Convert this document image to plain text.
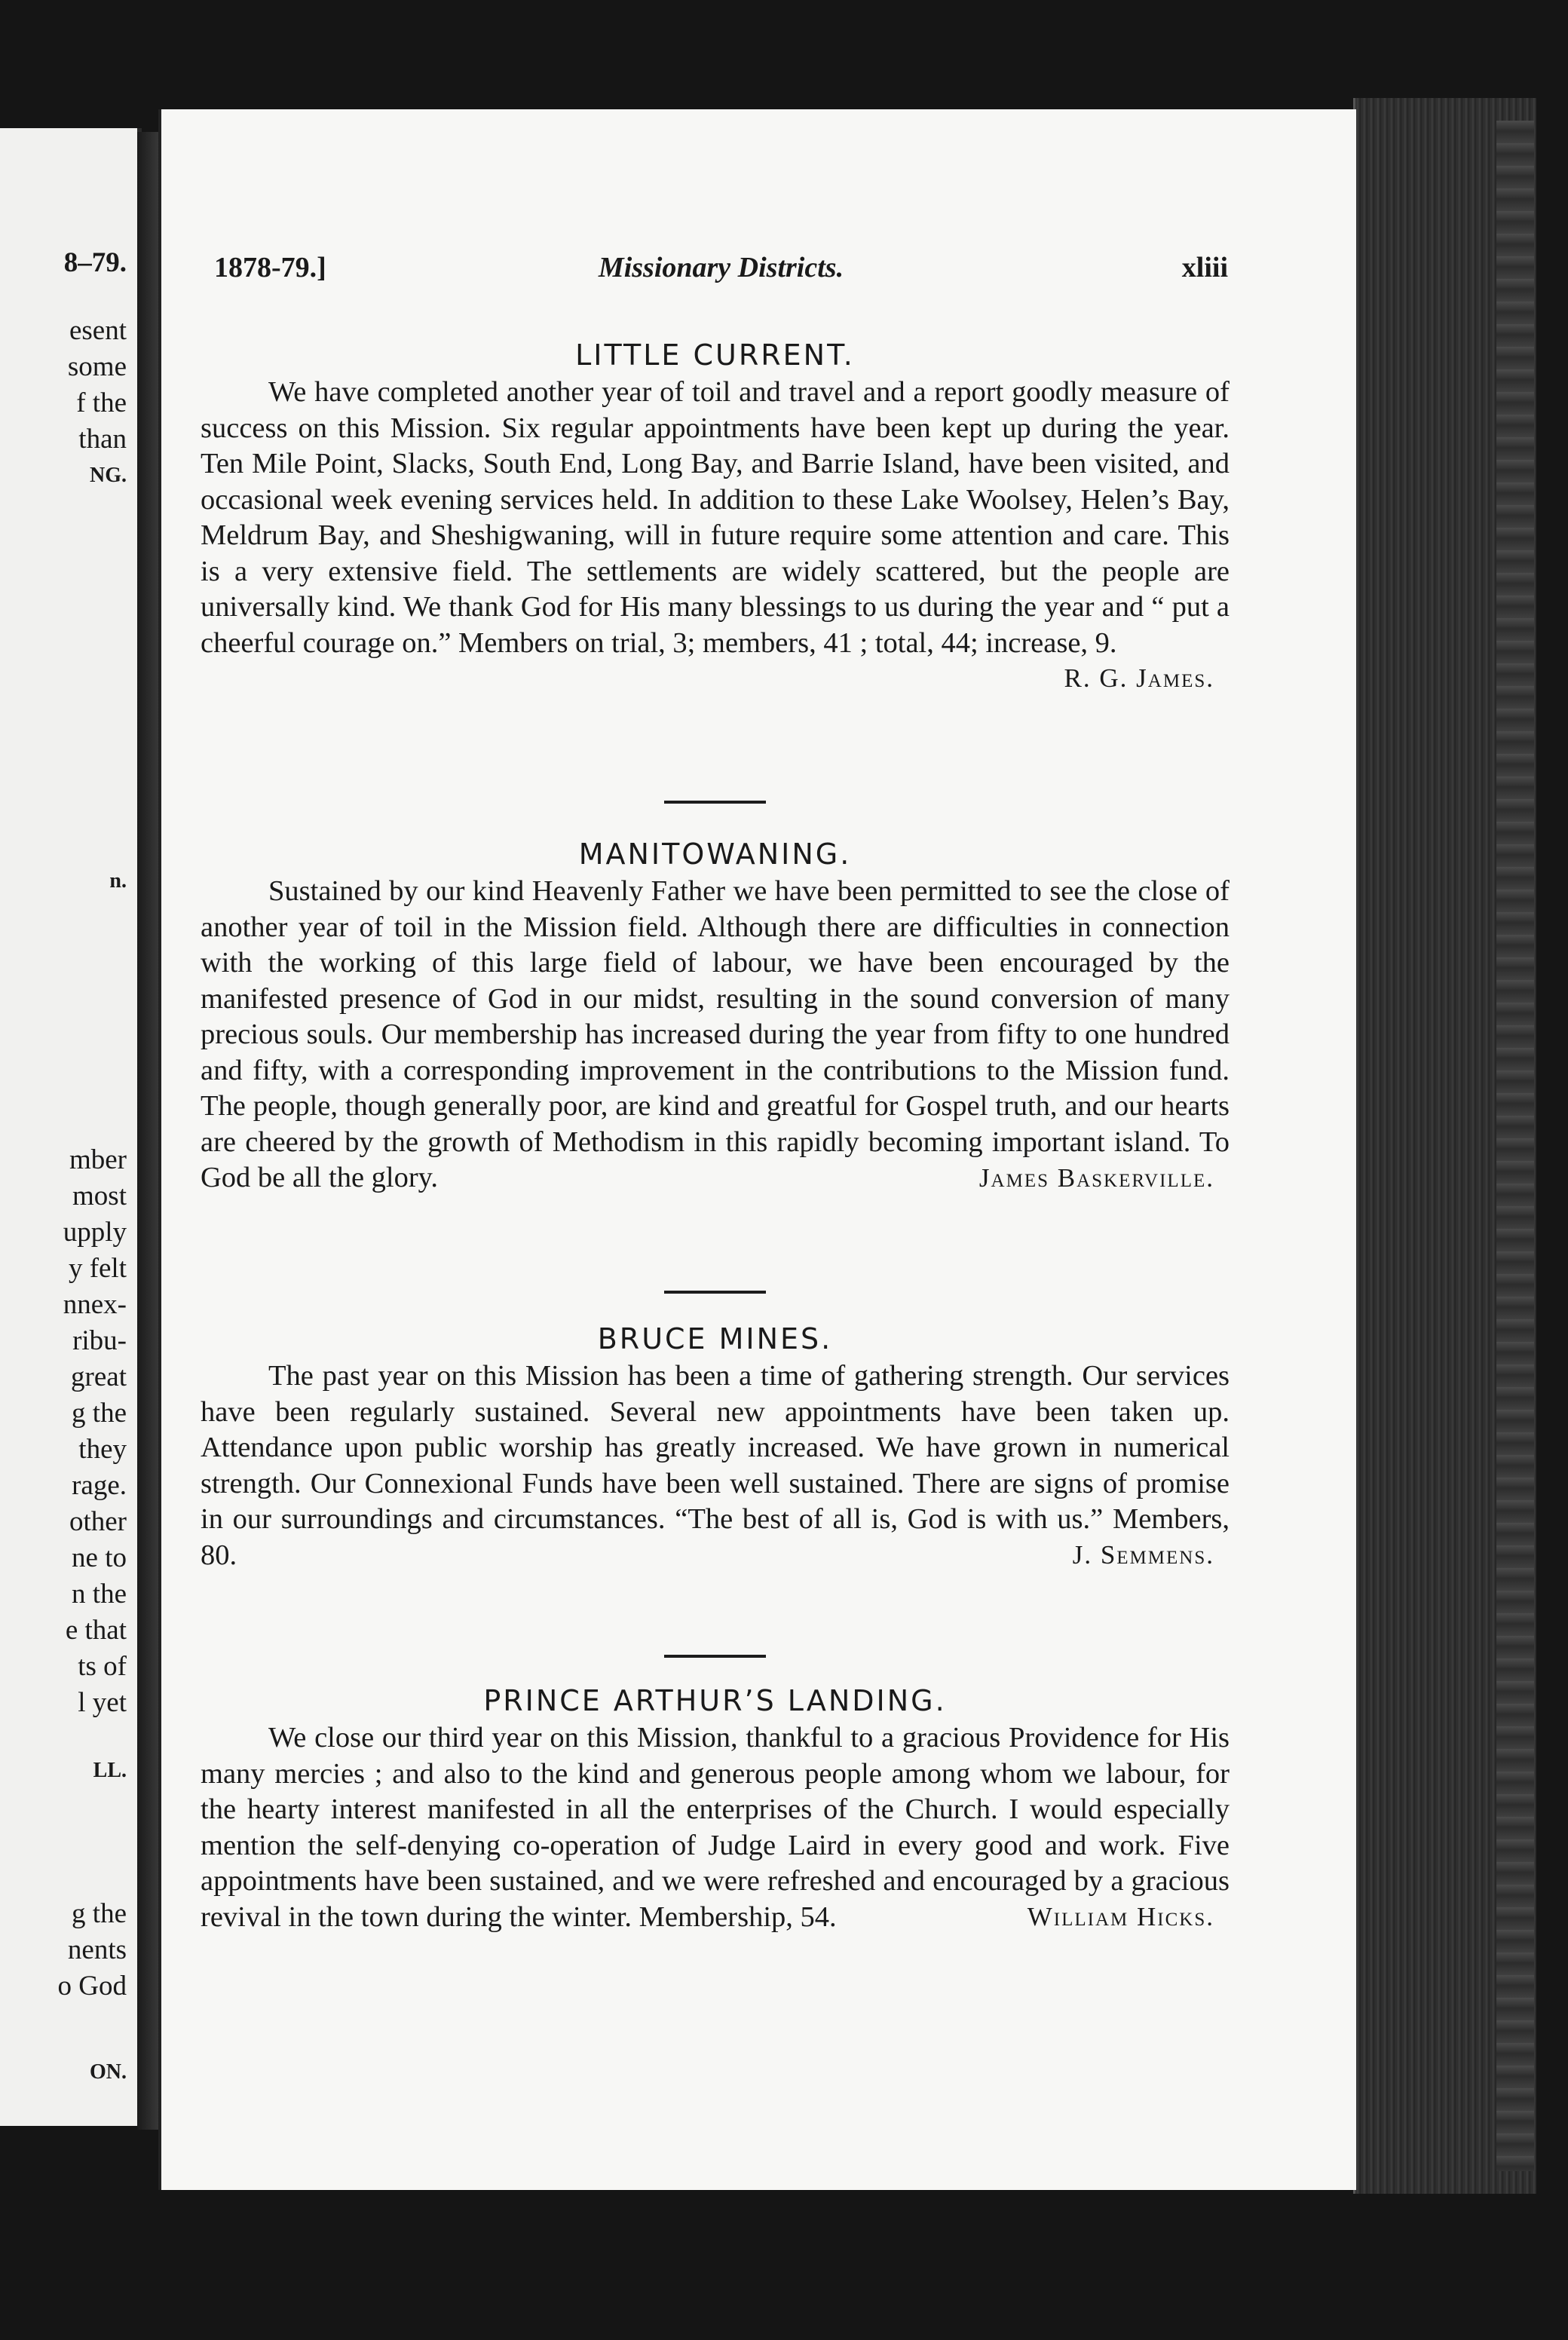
8–79.
esent
some
f the
than
NG.
n.
mber
most
upply
y felt
nnex-
ribu-
great
g the
they
rage.
other
ne to
n the
e that
ts of
l yet
LL.
g the
nents
o God
ON.
1878-79.]	Missionary Districts.	xliii
LITTLE CURRENT.

We have completed another year of toil and travel and a report goodly measure of success on this Mission. Six regular appointments have been kept up during the year. Ten Mile Point, Slacks, South End, Long Bay, and Barrie Island, have been visited, and occasional week evening services held. In addition to these Lake Woolsey, Helen’s Bay, Meldrum Bay, and Sheshigwaning, will in future require some attention and care. This is a very extensive field. The settlements are widely scattered, but the people are universally kind. We thank God for His many blessings to us during the year and “ put a cheerful courage on.” Members on trial, 3; members, 41 ; total, 44; increase, 9.

R. G. James.
MANITOWANING.

Sustained by our kind Heavenly Father we have been permitted to see the close of another year of toil in the Mission field. Although there are difficulties in connection with the working of this large field of labour, we have been encouraged by the manifested presence of God in our midst, resulting in the sound conversion of many precious souls. Our membership has increased during the year from fifty to one hundred and fifty, with a corresponding improvement in the contributions to the Mission fund. The people, though generally poor, are kind and greatful for Gospel truth, and our hearts are cheered by the growth of Methodism in this rapidly becoming important island. To God be all the glory.	James Baskerville.
BRUCE MINES.

The past year on this Mission has been a time of gathering strength. Our services have been regularly sustained. Several new appointments have been taken up. Attendance upon public worship has greatly increased. We have grown in numerical strength. Our Connexional Funds have been well sustained. There are signs of promise in our surroundings and circumstances. “The best of all is, God is with us.” Members, 80.	J. Semmens.
PRINCE ARTHUR’S LANDING.

We close our third year on this Mission, thankful to a gracious Providence for His many mercies ; and also to the kind and generous people among whom we labour, for the hearty interest manifested in all the enterprises of the Church. I would especially mention the self-denying co-operation of Judge Laird in every good and work. Five appointments have been sustained, and we were refreshed and encouraged by a gracious revival in the town during the winter. Membership, 54.	William Hicks.
